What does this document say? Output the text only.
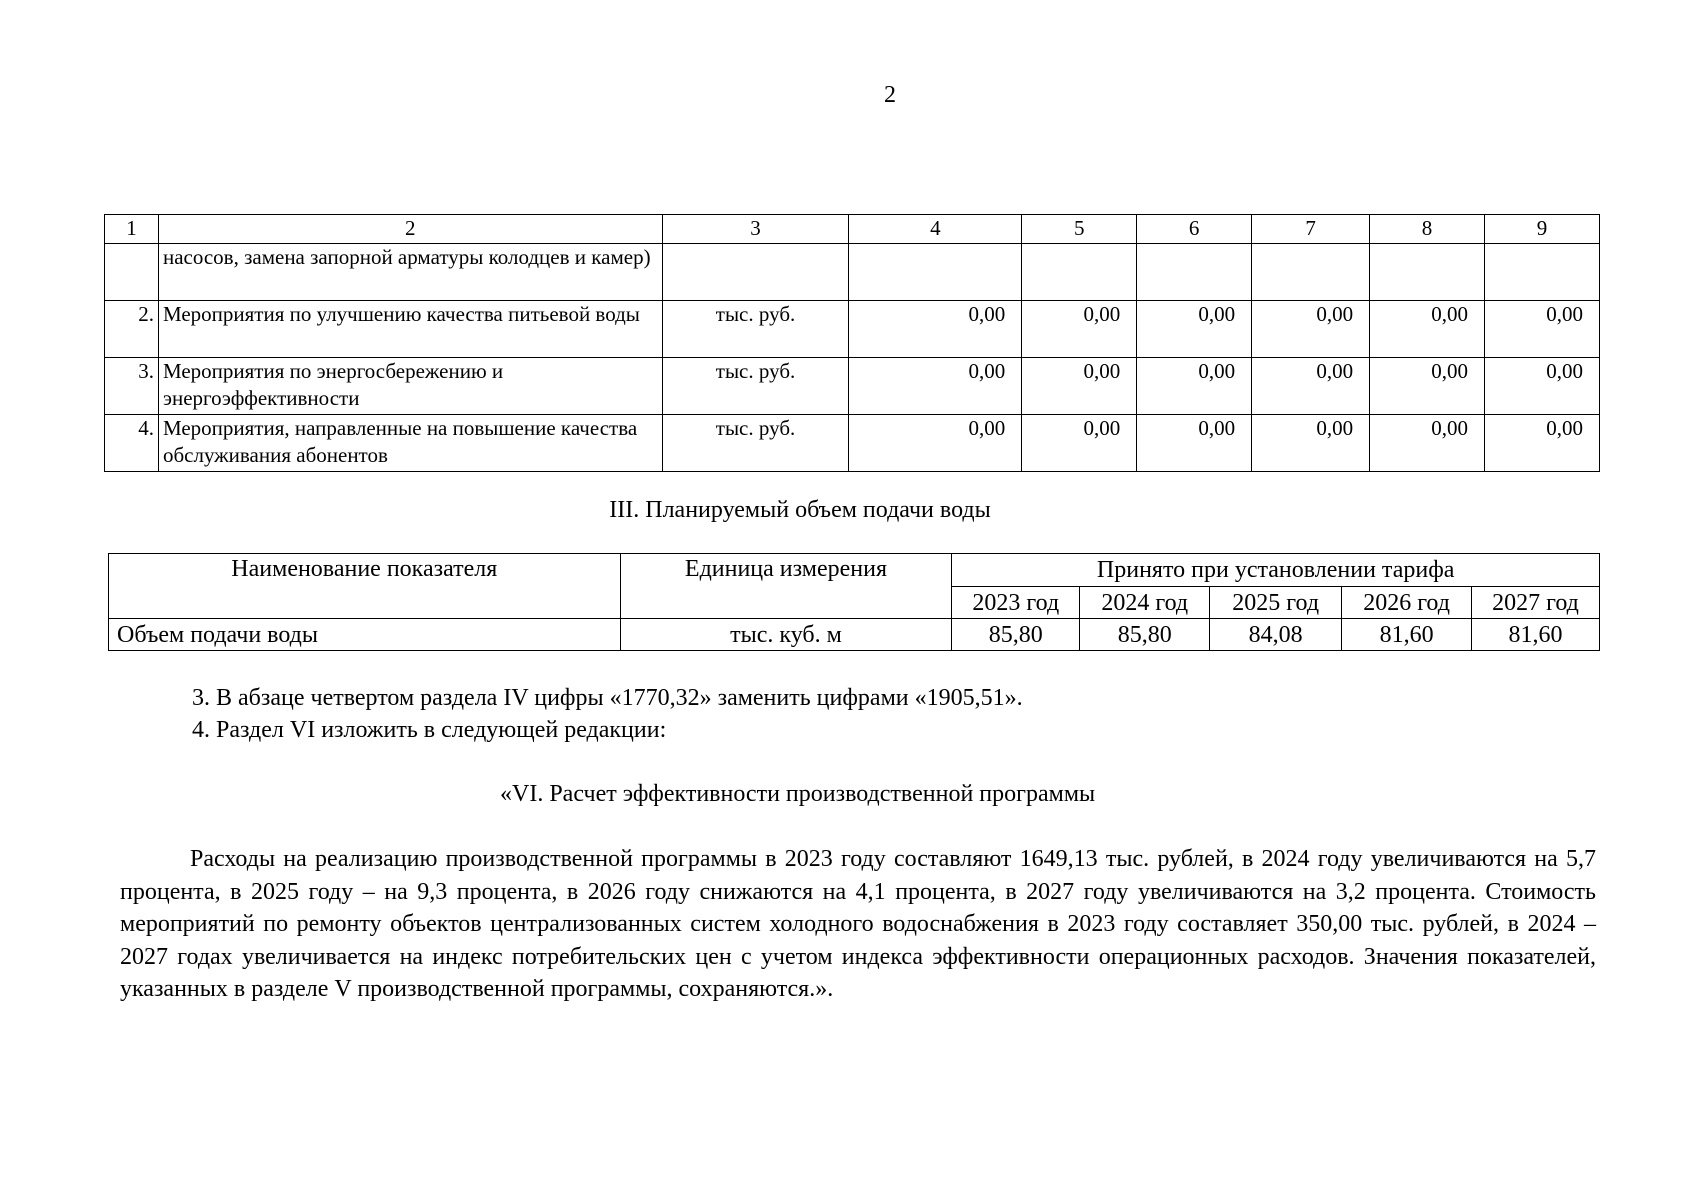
2
1	2	3	4	5	6	7	8	9
	насосов, замена запорной арматуры колодцев и камер)							
2.	Мероприятия по улучшению качества питьевой воды	тыс. руб.	0,00	0,00	0,00	0,00	0,00	0,00
3.	Мероприятия по энергосбережению и энергоэффективности	тыс. руб.	0,00	0,00	0,00	0,00	0,00	0,00
4.	Мероприятия, направленные на повышение качества обслуживания абонентов	тыс. руб.	0,00	0,00	0,00	0,00	0,00	0,00
III. Планируемый объем подачи воды
Наименование показателя	Единица измерения	Принято при установлении тарифа				
		2023 год	2024 год	2025 год	2026 год	2027 год
Объем подачи воды	тыс. куб. м	85,80	85,80	84,08	81,60	81,60
3. В абзаце четвертом раздела IV цифры «1770,32» заменить цифрами «1905,51».
4. Раздел VI изложить в следующей редакции:
«VI. Расчет эффективности производственной программы
Расходы на реализацию производственной программы в 2023 году составляют 1649,13 тыс. рублей, в 2024 году увеличиваются на 5,7 процента, в 2025 году – на 9,3 процента, в 2026 году снижаются на 4,1 процента, в 2027 году увеличиваются на 3,2 процента. Стоимость мероприятий по ремонту объектов централизованных систем холодного водоснабжения в 2023 году составляет 350,00 тыс. рублей, в 2024 – 2027 годах увеличивается на индекс потребительских цен с учетом индекса эффективности операционных расходов. Значения показателей, указанных в разделе V производственной программы, сохраняются.».
